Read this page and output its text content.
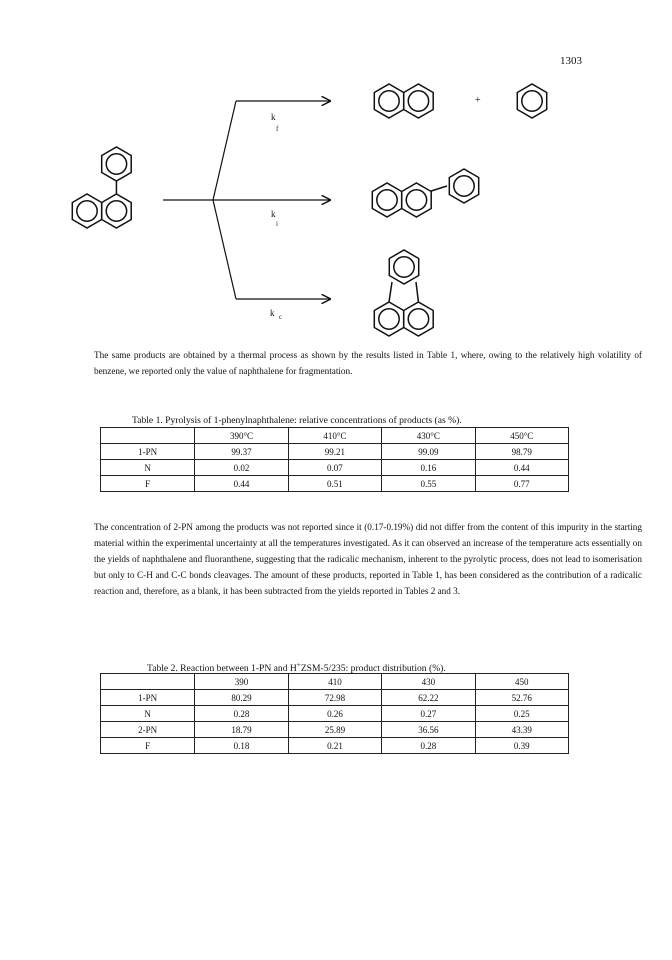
1303
k
f
k
i
k c
+
The same products are obtained by a thermal process as shown by the results listed in Table 1, where, owing to the relatively high volatility of benzene, we reported only the value of naphthalene for fragmentation.
Table 1. Pyrolysis of 1-phenylnaphthalene: relative concentrations of products (as %).
	390°C	410°C	430°C	450°C
1-PN	99.37	99.21	99.09	98.79
N	0.02	0.07	0.16	0.44
F	0.44	0.51	0.55	0.77
The concentration of 2-PN among the products was not reported since it (0.17-0.19%) did not differ from the content of this impurity in the starting material within the experimental uncertainty at all the temperatures investigated. As it can observed an increase of the temperature acts essentially on the yields of naphthalene and fluoranthene, suggesting that the radicalic mechanism, inherent to the pyrolytic process, does not lead to isomerisation but only to C-H and C-C bonds cleavages. The amount of these products, reported in Table 1, has been considered as the contribution of a radicalic reaction and, therefore, as a blank, it has been subtracted from the yields reported in Tables 2 and 3.
Table 2. Reaction between 1-PN and H+ZSM-5/235: product distribution (%).
	390	410	430	450
1-PN	80.29	72.98	62.22	52.76
N	0.28	0.26	0.27	0.25
2-PN	18.79	25.89	36.56	43.39
F	0.18	0.21	0.28	0.39
